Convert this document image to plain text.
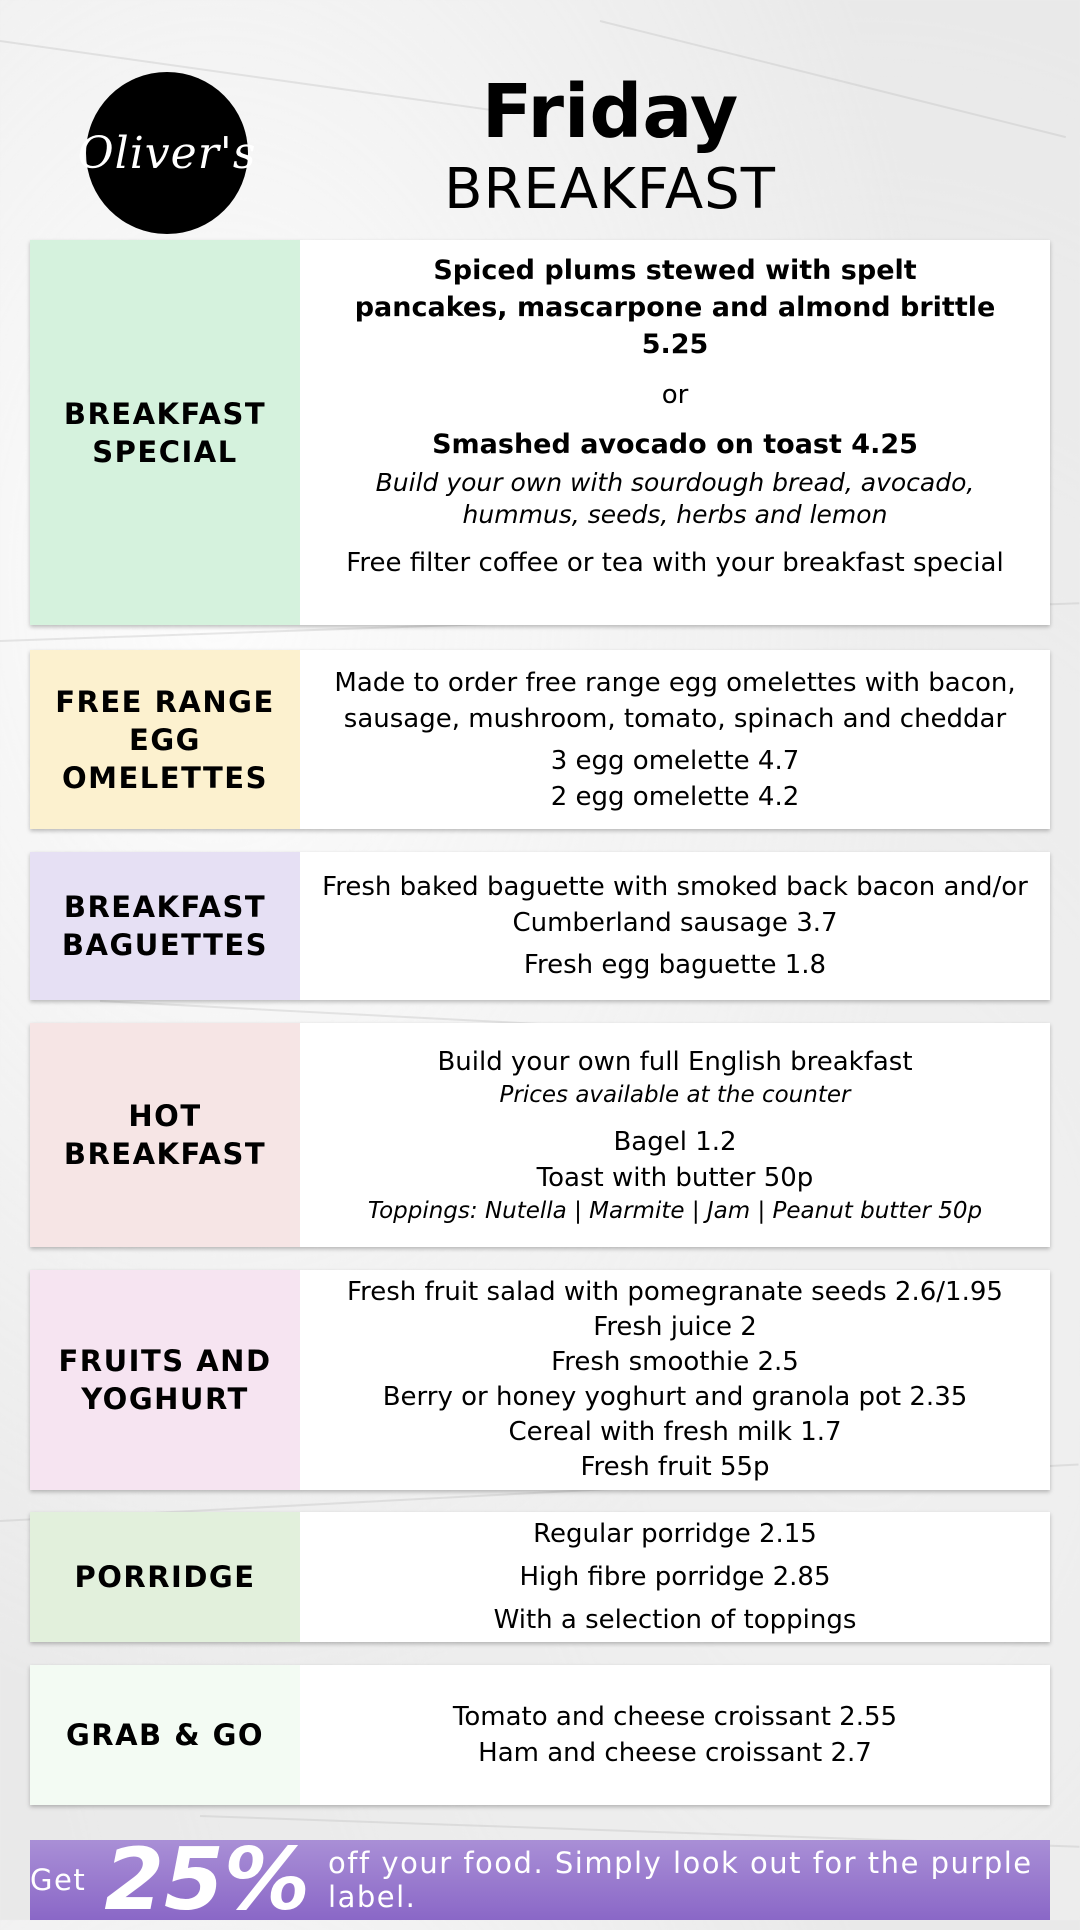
Oliver's	Friday
BREAKFAST
BREAKFAST SPECIAL
Spiced plums stewed with spelt pancakes, mascarpone and almond brittle 5.25
or
Smashed avocado on toast 4.25
Build your own with sourdough bread, avocado, hummus, seeds, herbs and lemon
Free filter coffee or tea with your breakfast special
FREE RANGE EGG OMELETTES
Made to order free range egg omelettes with bacon, sausage, mushroom, tomato, spinach and cheddar
3 egg omelette 4.7
2 egg omelette 4.2
BREAKFAST BAGUETTES
Fresh baked baguette with smoked back bacon and/or Cumberland sausage 3.7
Fresh egg baguette 1.8
HOT BREAKFAST
Build your own full English breakfast
Prices available at the counter
Bagel 1.2
Toast with butter 50p
Toppings: Nutella | Marmite | Jam | Peanut butter 50p
FRUITS AND YOGHURT
Fresh fruit salad with pomegranate seeds 2.6/1.95
Fresh juice 2
Fresh smoothie 2.5
Berry or honey yoghurt and granola pot 2.35
Cereal with fresh milk 1.7
Fresh fruit 55p
PORRIDGE
Regular porridge 2.15
High fibre porridge 2.85
With a selection of toppings
GRAB & GO
Tomato and cheese croissant 2.55
Ham and cheese croissant 2.7
Get 25% off your food. Simply look out for the purple label.
